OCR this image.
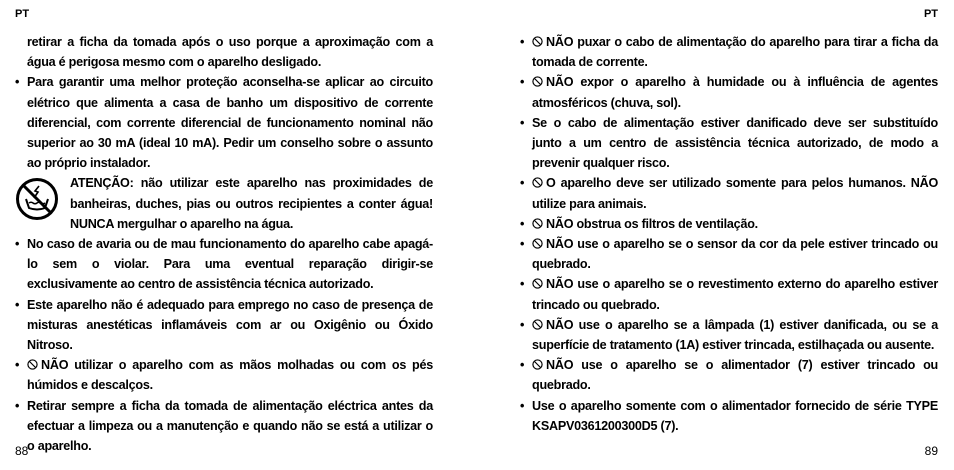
PT
retirar a ficha da tomada após o uso porque a aproximação com a água é perigosa mesmo com o aparelho desligado.
• Para garantir uma melhor proteção aconselha-se aplicar ao circuito elétrico que alimenta a casa de banho um dispositivo de corrente diferencial, com corrente diferencial de funcionamento nominal não superior ao 30 mA (ideal 10 mA). Pedir um conselho sobre o assunto ao próprio instalador.
ATENÇÃO: não utilizar este aparelho nas proximidades de banheiras, duches, pias ou outros recipientes a conter água! NUNCA mergulhar o aparelho na água.
• No caso de avaria ou de mau funcionamento do aparelho cabe apagá-lo sem o violar. Para uma eventual reparação dirigir-se exclusivamente ao centro de assistência técnica autorizado.
• Este aparelho não é adequado para emprego no caso de presença de misturas anestéticas inflamáveis com ar ou Oxigênio ou Óxido Nitroso.
• NÃO utilizar o aparelho com as mãos molhadas ou com os pés húmidos e descalços.
• Retirar sempre a ficha da tomada de alimentação eléctrica antes da efectuar a limpeza ou a manutenção e quando não se está a utilizar o o aparelho.
88
PT
89
• NÃO puxar o cabo de alimentação do aparelho para tirar a ficha da tomada de corrente.
• NÃO expor o aparelho à humidade ou à influência de agentes atmosféricos (chuva, sol).
• Se o cabo de alimentação estiver danificado deve ser substituído junto a um centro de assistência técnica autorizado, de modo a prevenir qualquer risco.
• O aparelho deve ser utilizado somente para pelos humanos. NÃO utilize para animais.
• NÃO obstrua os filtros de ventilação.
• NÃO use o aparelho se o sensor da cor da pele estiver trincado ou quebrado.
• NÃO use o aparelho se o revestimento externo do aparelho estiver trincado ou quebrado.
• NÃO use o aparelho se a lâmpada (1) estiver danificada, ou se a superfície de tratamento (1A) estiver trincada, estilhaçada ou ausente.
• NÃO use o aparelho se o alimentador (7) estiver trincado ou quebrado.
• Use o aparelho somente com o alimentador fornecido de série TYPE KSAPV0361200300D5 (7).
